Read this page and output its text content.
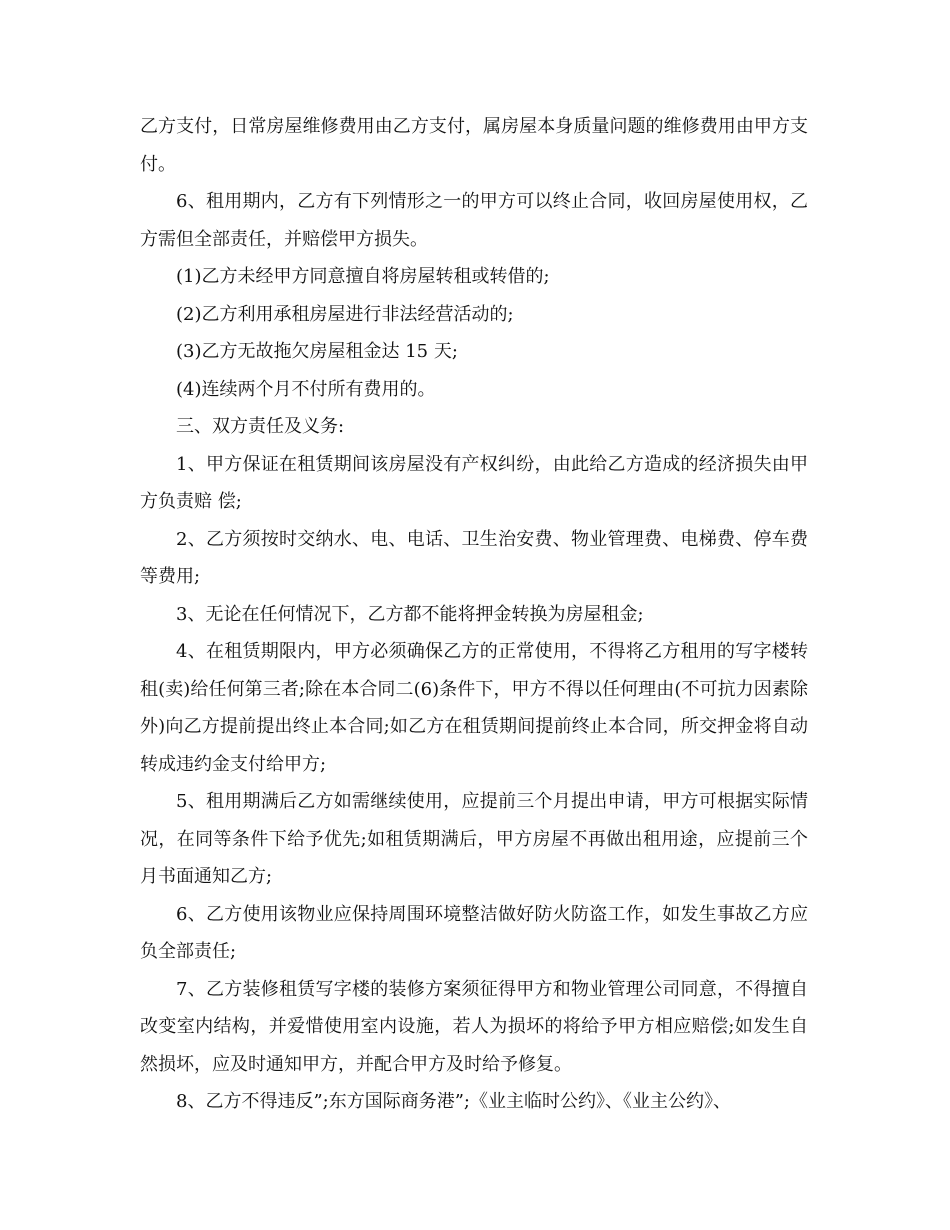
乙方支付，日常房屋维修费用由乙方支付，属房屋本身质量问题的维修费用由甲方支付。

6、租用期内，乙方有下列情形之一的甲方可以终止合同，收回房屋使用权，乙方需但全部责任，并赔偿甲方损失。

(1)乙方未经甲方同意擅自将房屋转租或转借的;

(2)乙方利用承租房屋进行非法经营活动的;

(3)乙方无故拖欠房屋租金达 15 天;

(4)连续两个月不付所有费用的。

三、双方责任及义务:

1、甲方保证在租赁期间该房屋没有产权纠纷，由此给乙方造成的经济损失由甲方负责赔 偿;

2、乙方须按时交纳水、电、电话、卫生治安费、物业管理费、电梯费、停车费等费用;

3、无论在任何情况下，乙方都不能将押金转换为房屋租金;

4、在租赁期限内，甲方必须确保乙方的正常使用，不得将乙方租用的写字楼转租(卖)给任何第三者;除在本合同二(6)条件下，甲方不得以任何理由(不可抗力因素除外)向乙方提前提出终止本合同;如乙方在租赁期间提前终止本合同，所交押金将自动转成违约金支付给甲方;

5、租用期满后乙方如需继续使用，应提前三个月提出申请，甲方可根据实际情况，在同等条件下给予优先;如租赁期满后，甲方房屋不再做出租用途，应提前三个月书面通知乙方;

6、乙方使用该物业应保持周围环境整洁做好防火防盗工作，如发生事故乙方应负全部责任;

7、乙方装修租赁写字楼的装修方案须征得甲方和物业管理公司同意，不得擅自改变室内结构，并爱惜使用室内设施，若人为损坏的将给予甲方相应赔偿;如发生自然损坏，应及时通知甲方，并配合甲方及时给予修复。

8、乙方不得违反”;东方国际商务港”;《业主临时公约》、《业主公约》、
